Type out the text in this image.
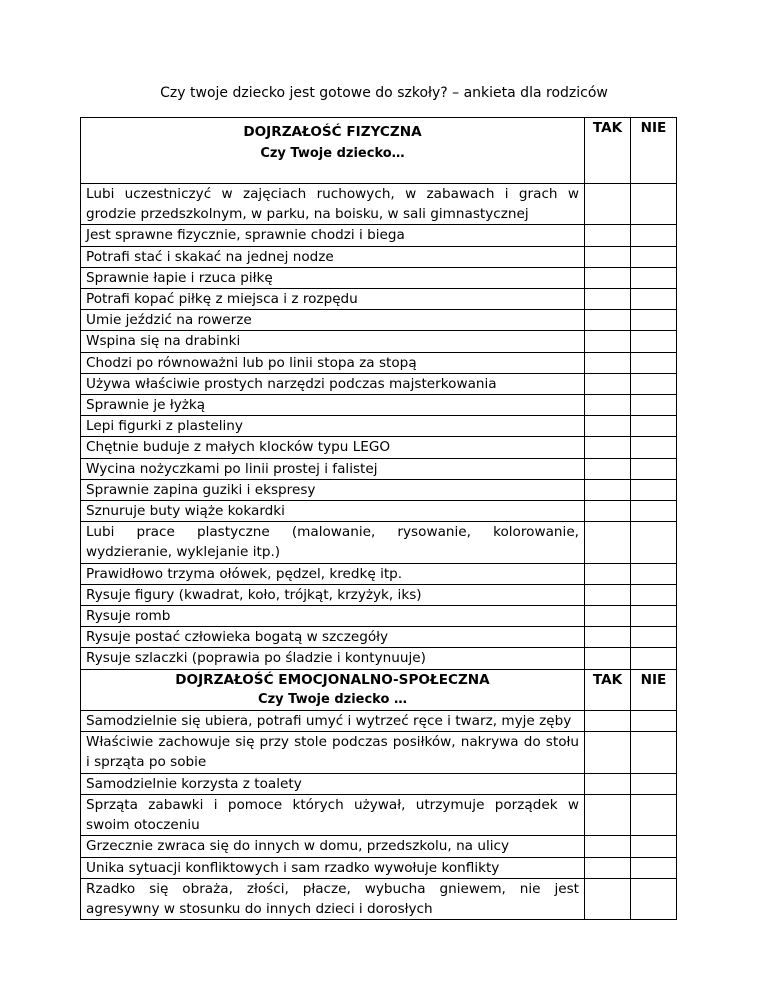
Czy twoje dziecko jest gotowe do szkoły? – ankieta dla rodziców
DOJRZAŁOŚĆ FIZYCZNA
Czy Twoje dziecko…	TAK	NIE
Lubi uczestniczyć w zajęciach ruchowych, w zabawach i grach w grodzie przedszkolnym, w parku, na boisku, w sali gimnastycznej		
Jest sprawne fizycznie, sprawnie chodzi i biega		
Potrafi stać i skakać na jednej nodze		
Sprawnie łapie i rzuca piłkę		
Potrafi kopać piłkę z miejsca i z rozpędu		
Umie jeździć na rowerze		
Wspina się na drabinki		
Chodzi po równoważni lub po linii stopa za stopą		
Używa właściwie prostych narzędzi podczas majsterkowania		
Sprawnie je łyżką		
Lepi figurki z plasteliny		
Chętnie buduje z małych klocków typu LEGO		
Wycina nożyczkami po linii prostej i falistej		
Sprawnie zapina guziki i ekspresy		
Sznuruje buty wiąże kokardki		
Lubi prace plastyczne (malowanie, rysowanie, kolorowanie, wydzieranie, wyklejanie itp.)		
Prawidłowo trzyma ołówek, pędzel, kredkę itp.		
Rysuje figury (kwadrat, koło, trójkąt, krzyżyk, iks)		
Rysuje romb		
Rysuje postać człowieka bogatą w szczegóły		
Rysuje szlaczki (poprawia po śladzie i kontynuuje)		

DOJRZAŁOŚĆ EMOCJONALNO-SPOŁECZNA
Czy Twoje dziecko …	TAK	NIE
Samodzielnie się ubiera, potrafi umyć i wytrzeć ręce i twarz, myje zęby		
Właściwie zachowuje się przy stole podczas posiłków, nakrywa do stołu i sprząta po sobie		
Samodzielnie korzysta z toalety		
Sprząta zabawki i pomoce których używał, utrzymuje porządek w swoim otoczeniu		
Grzecznie zwraca się do innych w domu, przedszkolu, na ulicy		
Unika sytuacji konfliktowych i sam rzadko wywołuje konflikty		
Rzadko się obraża, złości, płacze, wybucha gniewem, nie jest agresywny w stosunku do innych dzieci i dorosłych		
